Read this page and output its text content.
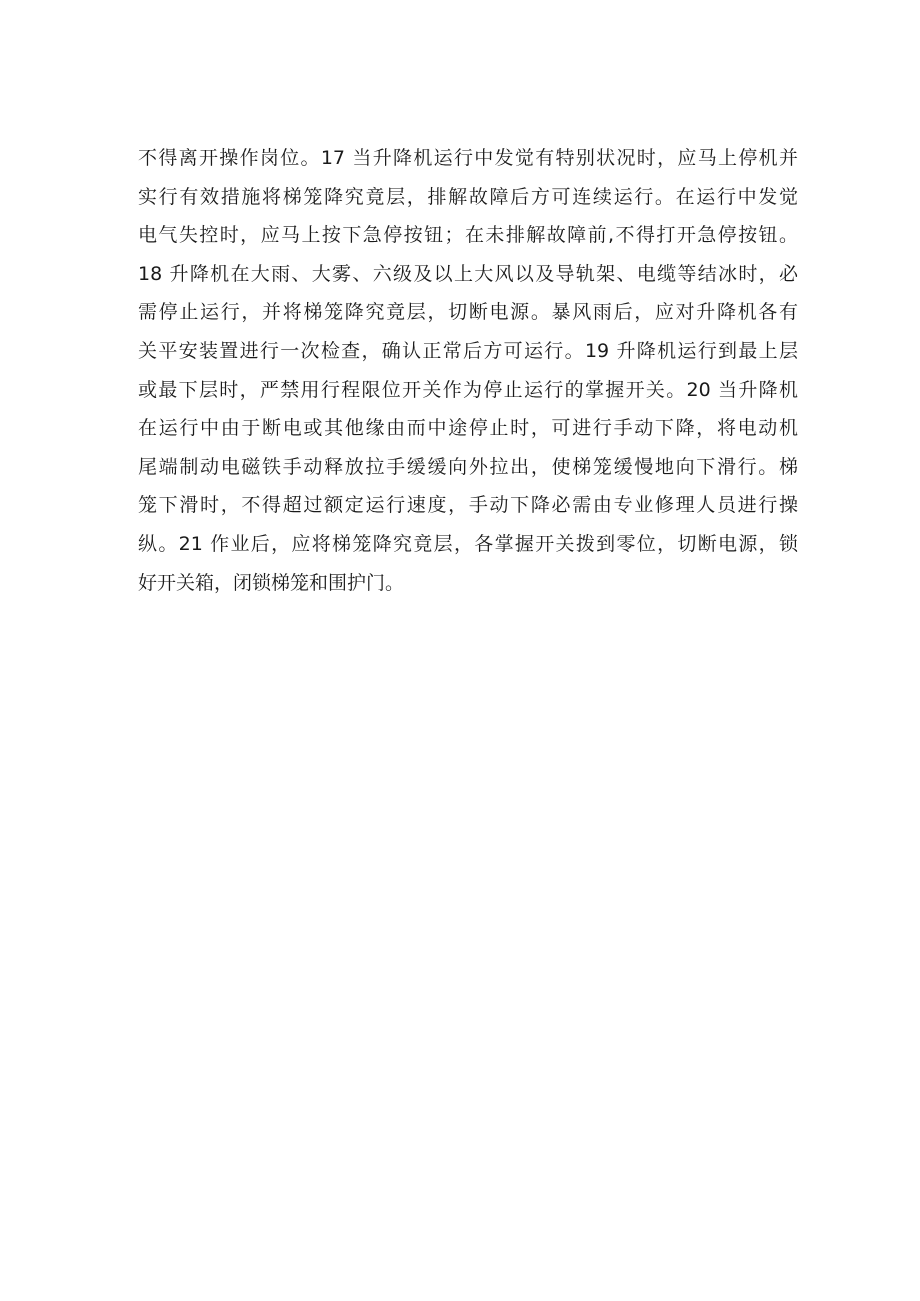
不得离开操作岗位。17 当升降机运行中发觉有特别状况时，应马上停机并
实行有效措施将梯笼降究竟层，排解故障后方可连续运行。在运行中发觉
电气失控时，应马上按下急停按钮；在未排解故障前,不得打开急停按钮。
18 升降机在大雨、大雾、六级及以上大风以及导轨架、电缆等结冰时，必
需停止运行，并将梯笼降究竟层，切断电源。暴风雨后，应对升降机各有
关平安装置进行一次检查，确认正常后方可运行。19 升降机运行到最上层
或最下层时，严禁用行程限位开关作为停止运行的掌握开关。20 当升降机
在运行中由于断电或其他缘由而中途停止时，可进行手动下降，将电动机
尾端制动电磁铁手动释放拉手缓缓向外拉出，使梯笼缓慢地向下滑行。梯
笼下滑时，不得超过额定运行速度，手动下降必需由专业修理人员进行操
纵。21 作业后，应将梯笼降究竟层，各掌握开关拨到零位，切断电源，锁
好开关箱，闭锁梯笼和围护门。
